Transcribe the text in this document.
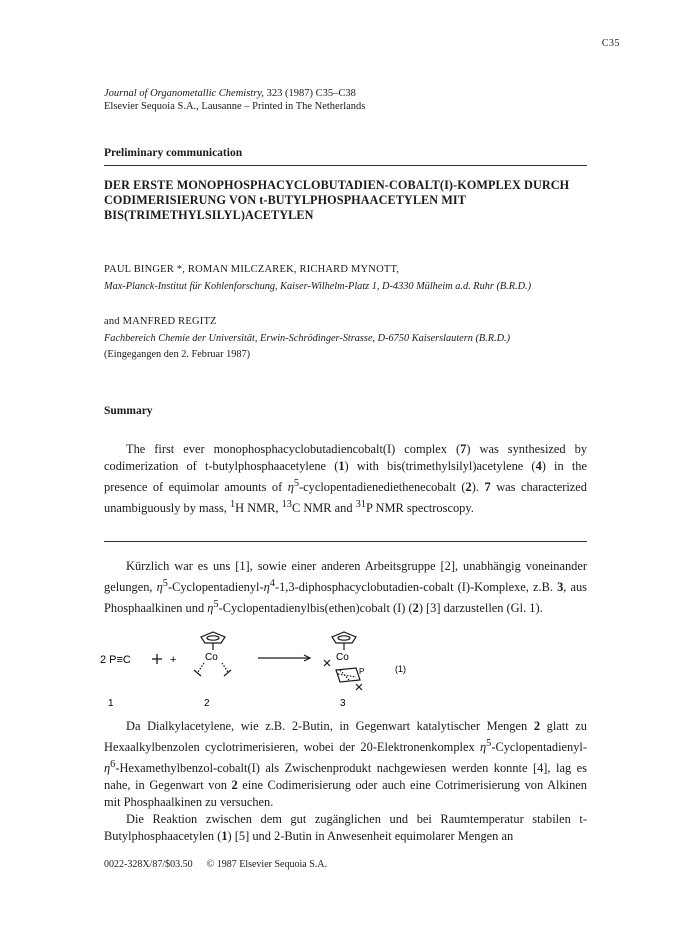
C35
Journal of Organometallic Chemistry, 323 (1987) C35–C38
Elsevier Sequoia S.A., Lausanne – Printed in The Netherlands
Preliminary communication
DER ERSTE MONOPHOSPHACYCLOBUTADIEN-COBALT(I)-KOMPLEX DURCH CODIMERISIERUNG VON t-BUTYLPHOSPHAACETYLEN MIT BIS(TRIMETHYLSILYL)ACETYLEN
PAUL BINGER *, ROMAN MILCZAREK, RICHARD MYNOTT,
Max-Planck-Institut für Kohlenforschung, Kaiser-Wilhelm-Platz 1, D-4330 Mülheim a.d. Ruhr (B.R.D.)
and MANFRED REGITZ
Fachbereich Chemie der Universität, Erwin-Schrödinger-Strasse, D-6750 Kaiserslautern (B.R.D.)
(Eingegangen den 2. Februar 1987)
Summary

The first ever monophosphacyclobutadiencobalt(I) complex (7) was synthesized by codimerization of t-butylphosphaacetylene (1) with bis(trimethylsilyl)acetylene (4) in the presence of equimolar amounts of $\eta^5$-cyclopentadienediethenecobalt (2). 7 was characterized unambiguously by mass, $^1$H NMR, $^{13}$C NMR and $^{31}$P NMR spectroscopy.

Kürzlich war es uns [1], sowie einer anderen Arbeitsgruppe [2], unabhängig voneinander gelungen, $\eta^5-Cyclopentadienyl-\eta^4-1,3-diphosphacyclobutadien$-cobalt (I)-Komplexe, z.B. 3, aus Phosphaalkinen und $\eta^5-Cyclopentadienylbis(ethen)cobalt$ (I) (2) [3] darzustellen (Gl. 1).

2 P≡C	+	Co	Co
P	(1)
1	2	3

Da Dialkylacetylene, wie z.B. 2-Butin, in Gegenwart katalytischer Mengen 2 glatt zu Hexaalkylbenzolen cyclotrimerisieren, wobei der 20-Elektronenkomplex $\eta^5-Cyclopentadienyl-\eta^6-Hexamethylbenzol-cobalt(I)$ als Zwischenprodukt nachgewiesen werden konnte [4], lag es nahe, in Gegenwart von 2 eine Codimerisierung oder auch eine Cotrimerisierung von Alkinen mit Phosphaalkinen zu versuchen.

Die Reaktion zwischen dem gut zugänglichen und bei Raumtemperatur stabilen t-Butylphosphaacetylen (1) [5] und 2-Butin in Anwesenheit equimolarer Mengen an

0022-328X/87/$03.50 © 1987 Elsevier Sequoia S.A.
